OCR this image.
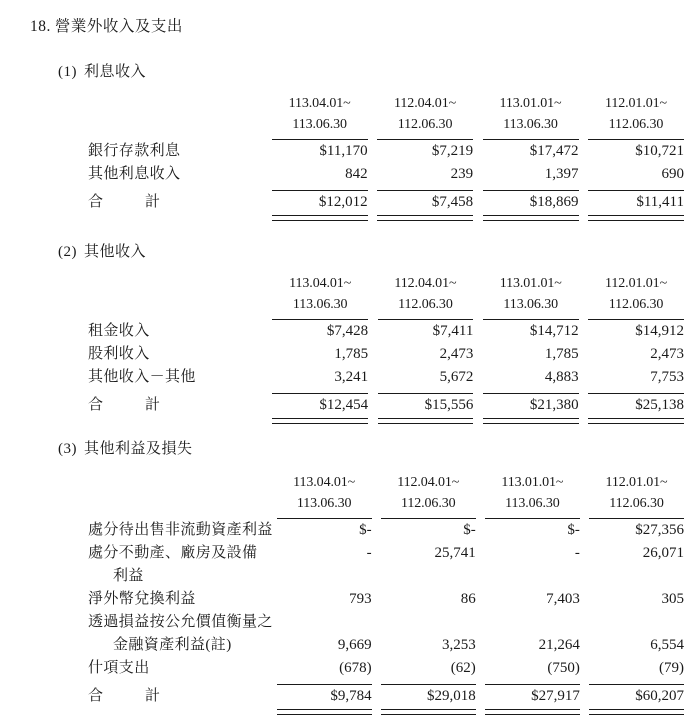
18. 營業外收入及支出
(1) 利息收入
	113.04.01~		112.04.01~		113.01.01~		112.01.01~
	113.06.30		112.06.30		113.06.30		112.06.30

銀行存款利息	$11,170		$7,219		$17,472		$10,721
其他利息收入	842		239		1,397		690

合 計	$12,012		$7,458		$18,869		$11,411

(2) 其他收入
	113.04.01~		112.04.01~		113.01.01~		112.01.01~
	113.06.30		112.06.30		113.06.30		112.06.30

租金收入	$7,428		$7,411		$14,712		$14,912
股利收入	1,785		2,473		1,785		2,473
其他收入－其他	3,241		5,672		4,883		7,753

合 計	$12,454		$15,556		$21,380		$25,138

(3) 其他利益及損失
	113.04.01~		112.04.01~		113.01.01~		112.01.01~
	113.06.30		112.06.30		113.06.30		112.06.30

處分待出售非流動資產利益	$-		$-		$-		$27,356
處分不動產、廠房及設備	-		25,741		-		26,071
利益							
淨外幣兌換利益	793		86		7,403		305
透過損益按公允價值衡量之							
金融資產利益(註)	9,669		3,253		21,264		6,554
什項支出	(678)		(62)		(750)		(79)

合 計	$9,784		$29,018		$27,917		$60,207
